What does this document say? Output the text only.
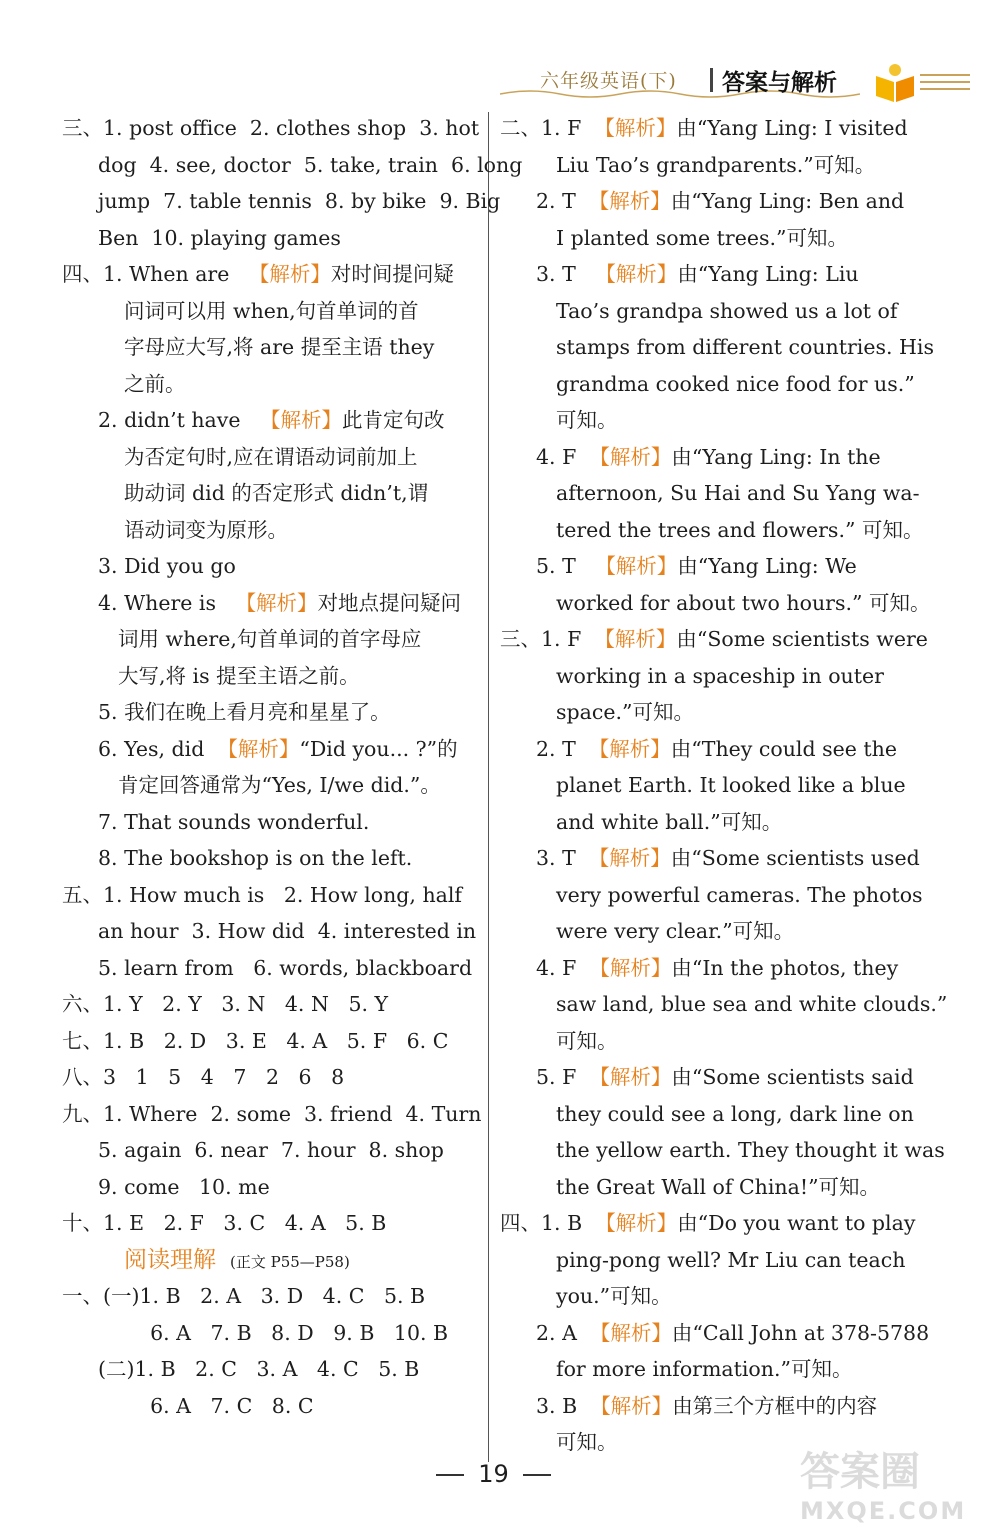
六年级英语(下) 答案与解析
三、1. post office  2. clothes shop  3. hot
dog  4. see, doctor  5. take, train  6. long
jump  7. table tennis  8. by bike  9. Big
Ben  10. playing games
四、1. When are   【解析】对时间提问疑
问词可以用 when,句首单词的首
字母应大写,将 are 提至主语 they
之前。
2. didn’t have   【解析】此肯定句改
为否定句时,应在谓语动词前加上
助动词 did 的否定形式 didn’t,谓
语动词变为原形。
3. Did you go
4. Where is   【解析】对地点提问疑问
词用 where,句首单词的首字母应
大写,将 is 提至主语之前。
5. 我们在晚上看月亮和星星了。
6. Yes, did  【解析】“Did you... ?”的
肯定回答通常为“Yes, I/we did.”。
7. That sounds wonderful.
8. The bookshop is on the left.
五、1. How much is   2. How long, half
an hour  3. How did  4. interested in
5. learn from   6. words, blackboard
六、1. Y   2. Y   3. N   4. N   5. Y
七、1. B   2. D   3. E   4. A   5. F   6. C
八、3   1   5   4   7   2   6   8
九、1. Where  2. some  3. friend  4. Turn
5. again  6. near  7. hour  8. shop
9. come   10. me
十、1. E   2. F   3. C   4. A   5. B
阅读理解 (正文 P55—P58)
一、(一)1. B   2. A   3. D   4. C   5. B
6. A   7. B   8. D   9. B   10. B
(二)1. B   2. C   3. A   4. C   5. B
6. A   7. C   8. C
二、1. F  【解析】由“Yang Ling: I visited
Liu Tao’s grandparents.”可知。
2. T  【解析】由“Yang Ling: Ben and
I planted some trees.”可知。
3. T   【解析】由“Yang Ling: Liu
Tao’s grandpa showed us a lot of
stamps from different countries. His
grandma cooked nice food for us.”
可知。
4. F  【解析】由“Yang Ling: In the
afternoon, Su Hai and Su Yang wa-
tered the trees and flowers.” 可知。
5. T   【解析】由“Yang Ling: We
worked for about two hours.” 可知。
三、1. F  【解析】由“Some scientists were
working in a spaceship in outer
space.”可知。
2. T  【解析】由“They could see the
planet Earth. It looked like a blue
and white ball.”可知。
3. T  【解析】由“Some scientists used
very powerful cameras. The photos
were very clear.”可知。
4. F  【解析】由“In the photos, they
saw land, blue sea and white clouds.”
可知。
5. F  【解析】由“Some scientists said
they could see a long, dark line on
the yellow earth. They thought it was
the Great Wall of China!”可知。
四、1. B  【解析】由“Do you want to play
ping-pong well? Mr Liu can teach
you.”可知。
2. A  【解析】由“Call John at 378-5788
for more information.”可知。
3. B  【解析】由第三个方框中的内容
可知。
19	答案圈
MXQE.COM
